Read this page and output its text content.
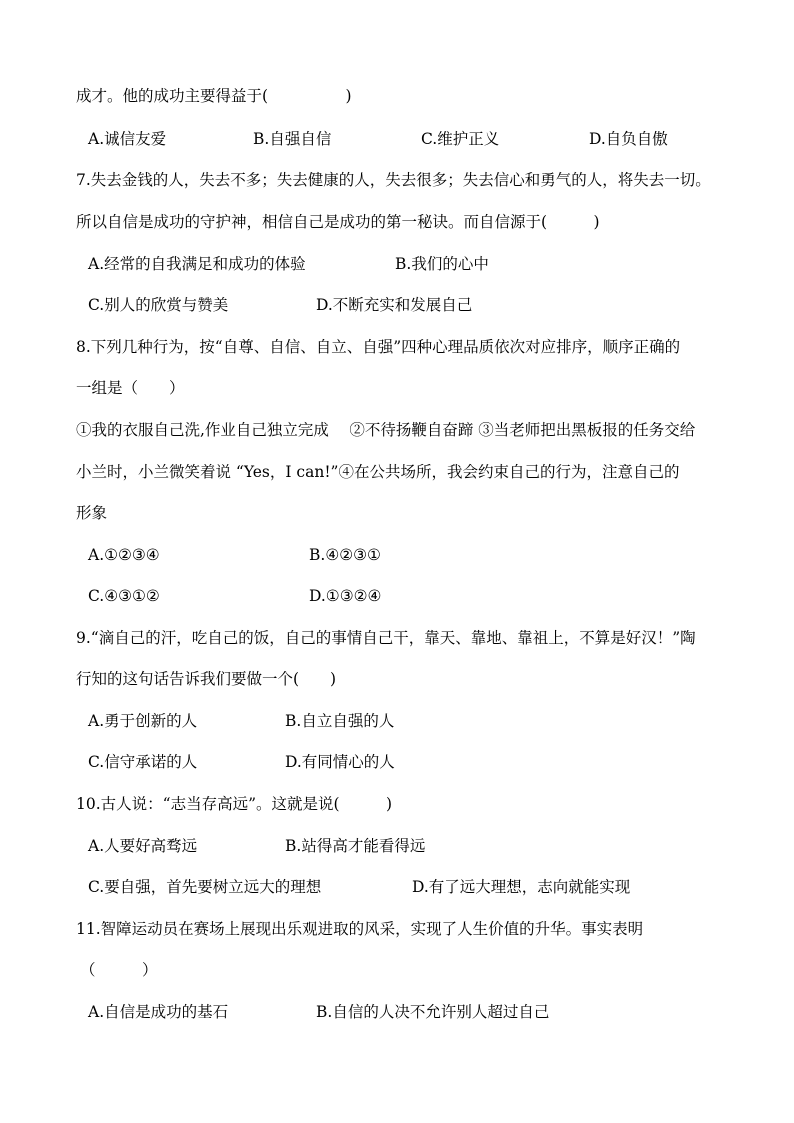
成才。他的成功主要得益于(　　　　　)
A.诚信友爱	B.自强自信	C.维护正义	D.自负自傲
7.失去金钱的人，失去不多；失去健康的人，失去很多；失去信心和勇气的人，将失去一切。
所以自信是成功的守护神，相信自己是成功的第一秘诀。而自信源于(　　　)
A.经常的自我满足和成功的体验	B.我们的心中
C.别人的欣赏与赞美	D.不断充实和发展自己
8.下列几种行为，按“自尊、自信、自立、自强”四种心理品质依次对应排序，顺序正确的
一组是（　　）
①我的衣服自己洗,作业自己独立完成　 ②不待扬鞭自奋蹄 ③当老师把出黑板报的任务交给
小兰时，小兰微笑着说 “Yes，I can!”④在公共场所，我会约束自己的行为，注意自己的
形象
A.①②③④	B.④②③①
C.④③①②	D.①③②④
9.“滴自己的汗，吃自己的饭，自己的事情自己干，靠天、靠地、靠祖上，不算是好汉！”陶
行知的这句话告诉我们要做一个(　　)
A.勇于创新的人	B.自立自强的人
C.信守承诺的人	D.有同情心的人
10.古人说：“志当存高远”。这就是说(　　　)
A.人要好高骛远	B.站得高才能看得远
C.要自强，首先要树立远大的理想	D.有了远大理想，志向就能实现
11.智障运动员在赛场上展现出乐观进取的风采，实现了人生价值的升华。事实表明
（　　　）
A.自信是成功的基石	B.自信的人决不允许别人超过自己
